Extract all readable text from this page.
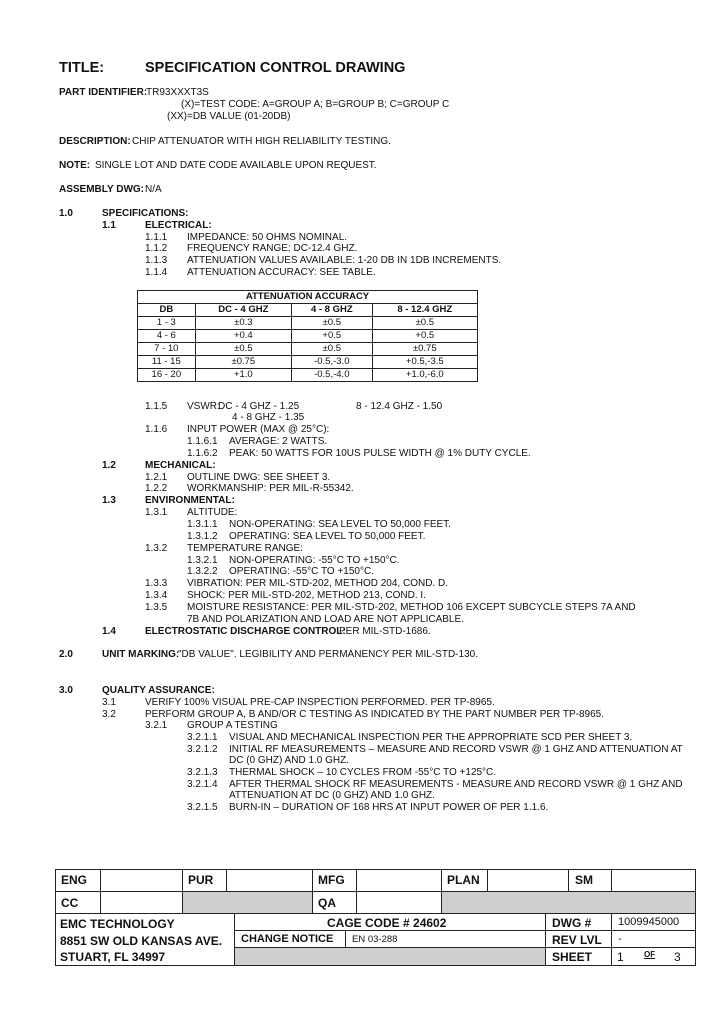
TITLE:	SPECIFICATION CONTROL DRAWING
PART IDENTIFIER:
TR93XXXT3S
(X)=TEST CODE: A=GROUP A; B=GROUP B; C=GROUP C
(XX)=DB VALUE (01-20DB)
DESCRIPTION: CHIP ATTENUATOR WITH HIGH RELIABILITY TESTING.
NOTE: SINGLE LOT AND DATE CODE AVAILABLE UPON REQUEST.
ASSEMBLY DWG: N/A
1.0	SPECIFICATIONS:
1.1	ELECTRICAL:
1.1.1 IMPEDANCE: 50 OHMS NOMINAL.
1.1.2 FREQUENCY RANGE: DC-12.4 GHZ.
1.1.3 ATTENUATION VALUES AVAILABLE: 1-20 DB IN 1DB INCREMENTS.
1.1.4 ATTENUATION ACCURACY: SEE TABLE.
ATTENUATION ACCURACY			
DB	DC - 4 GHZ	4 - 8 GHZ	8 - 12.4 GHZ
1 - 3	±0.3	±0.5	±0.5
4 - 6	+0.4	+0.5	+0.5
7 - 10	±0.5	±0.5	±0.75
11 - 15	±0.75	-0.5,-3.0	+0.5,-3.5
16 - 20	+1.0	-0.5,-4.0	+1.0,-6.0
1.1.5 VSWR:
DC - 4 GHZ - 1.25	8 - 12.4 GHZ - 1.50
4 - 8 GHZ - 1.35
1.1.6 INPUT POWER (MAX @ 25°C):
1.1.6.1 AVERAGE: 2 WATTS.
1.1.6.2 PEAK: 50 WATTS FOR 10US PULSE WIDTH @ 1% DUTY CYCLE.
1.2	MECHANICAL:
1.2.1 OUTLINE DWG: SEE SHEET 3.
1.2.2 WORKMANSHIP: PER MIL-R-55342.
1.3	ENVIRONMENTAL:
1.3.1 ALTITUDE:
1.3.1.1 NON-OPERATING: SEA LEVEL TO 50,000 FEET.
1.3.1.2 OPERATING: SEA LEVEL TO 50,000 FEET.
1.3.2 TEMPERATURE RANGE:
1.3.2.1 NON-OPERATING: -55°C TO +150°C.
1.3.2.2 OPERATING: -55°C TO +150°C.
1.3.3 VIBRATION: PER MIL-STD-202, METHOD 204, COND. D.
1.3.4 SHOCK: PER MIL-STD-202, METHOD 213, COND. I.
1.3.5 MOISTURE RESISTANCE: PER MIL-STD-202, METHOD 106 EXCEPT SUBCYCLE STEPS 7A AND
7B AND POLARIZATION AND LOAD ARE NOT APPLICABLE.
1.4	ELECTROSTATIC DISCHARGE CONTROL:
PER MIL-STD-1686.
2.0	UNIT MARKING:
"DB VALUE". LEGIBILITY AND PERMANENCY PER MIL-STD-130.
3.0	QUALITY ASSURANCE:
3.1	VERIFY 100% VISUAL PRE-CAP INSPECTION PERFORMED. PER TP-8965.
3.2	PERFORM GROUP A, B AND/OR C TESTING AS INDICATED BY THE PART NUMBER PER TP-8965.
3.2.1 GROUP A TESTING
3.2.1.1 VISUAL AND MECHANICAL INSPECTION PER THE APPROPRIATE SCD PER SHEET 3.
3.2.1.2 INITIAL RF MEASUREMENTS – MEASURE AND RECORD VSWR @ 1 GHZ AND ATTENUATION AT
DC (0 GHZ) AND 1.0 GHZ.
3.2.1.3 THERMAL SHOCK – 10 CYCLES FROM -55°C TO +125°C.
3.2.1.4 AFTER THERMAL SHOCK RF MEASUREMENTS - MEASURE AND RECORD VSWR @ 1 GHZ AND
ATTENUATION AT DC (0 GHZ) AND 1.0 GHZ.
3.2.1.5 BURN-IN – DURATION OF 168 HRS AT INPUT POWER OF PER 1.1.6.
ENG	PUR	MFG	PLAN	SM
CC	QA
EMC TECHNOLOGY
8851 SW OLD KANSAS AVE.
STUART, FL 34997
CAGE CODE # 24602
CHANGE NOTICE EN 03-288
DWG # 1009945000
REV LVL -
SHEET 1	OF 3
